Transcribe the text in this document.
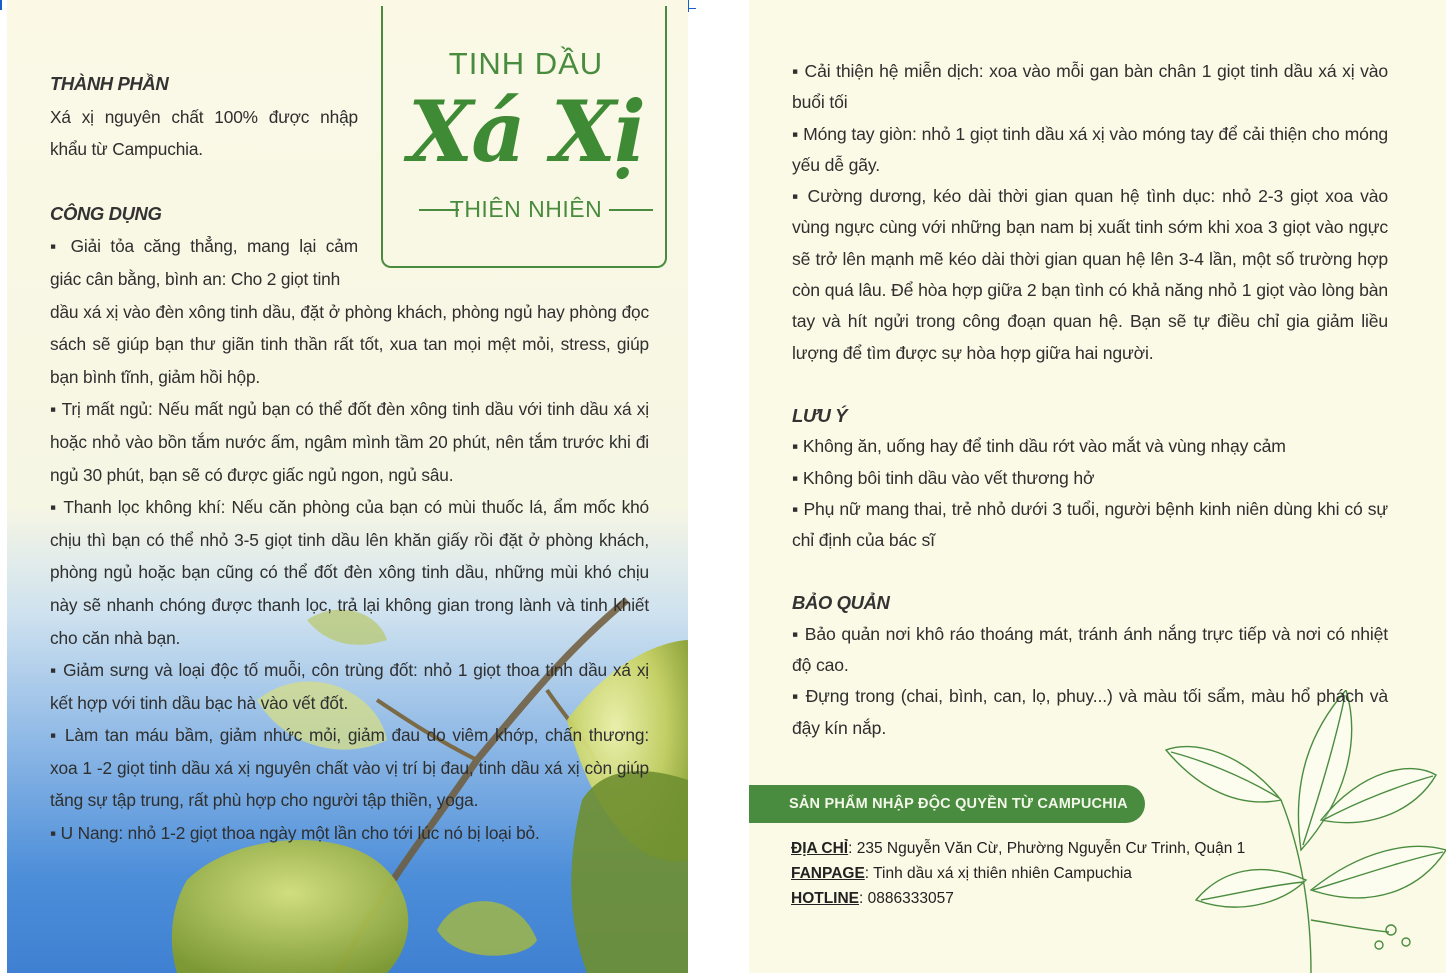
THÀNH PHẦN
Xá xị nguyên chất 100% được nhập
khẩu từ Campuchia.
CÔNG DỤNG
▪ Giải tỏa căng thẳng, mang lại cảm
giác cân bằng, bình an: Cho 2 giọt tinh
dầu xá xị vào đèn xông tinh dầu, đặt ở phòng khách, phòng ngủ hay phòng đọc sách sẽ giúp bạn thư giãn tinh thần rất tốt, xua tan mọi mệt mỏi, stress, giúp bạn bình tĩnh, giảm hồi hộp.
▪ Trị mất ngủ: Nếu mất ngủ bạn có thể đốt đèn xông tinh dầu với tinh dầu xá xị hoặc nhỏ vào bồn tắm nước ấm, ngâm mình tầm 20 phút, nên tắm trước khi đi ngủ 30 phút, bạn sẽ có được giấc ngủ ngon, ngủ sâu.
▪ Thanh lọc không khí: Nếu căn phòng của bạn có mùi thuốc lá, ẩm mốc khó chịu thì bạn có thể nhỏ 3-5 giọt tinh dầu lên khăn giấy rồi đặt ở phòng khách, phòng ngủ hoặc bạn cũng có thể đốt đèn xông tinh dầu, những mùi khó chịu này sẽ nhanh chóng được thanh lọc, trả lại không gian trong lành và tinh khiết cho căn nhà bạn.
▪ Giảm sưng và loại độc tố muỗi, côn trùng đốt: nhỏ 1 giọt thoa tinh dầu xá xị kết hợp với tinh dầu bạc hà vào vết đốt.
▪ Làm tan máu bầm, giảm nhức mỏi, giảm đau do viêm khớp, chấn thương: xoa 1 -2 giọt tinh dầu xá xị nguyên chất vào vị trí bị đau, tinh dầu xá xị còn giúp tăng sự tập trung, rất phù hợp cho người tập thiền, yoga.
▪ U Nang: nhỏ 1-2 giọt thoa ngày một lần cho tới lúc nó bị loại bỏ.
TINH DẦU
Xá Xị
THIÊN NHIÊN
▪ Cải thiện hệ miễn dịch: xoa vào mỗi gan bàn chân 1 giọt tinh dầu xá xị vào buổi tối
▪ Móng tay giòn: nhỏ 1 giọt tinh dầu xá xị vào móng tay để cải thiện cho móng yếu dễ gãy.
▪ Cường dương, kéo dài thời gian quan hệ tình dục: nhỏ 2-3 giọt xoa vào vùng ngực cùng với những bạn nam bị xuất tinh sớm khi xoa 3 giọt vào ngực sẽ trở lên mạnh mẽ kéo dài thời gian quan hệ lên 3-4 lần, một số trường hợp còn quá lâu. Để hòa hợp giữa 2 bạn tình có khả năng nhỏ 1 giọt vào lòng bàn tay và hít ngửi trong công đoạn quan hệ. Bạn sẽ tự điều chỉ gia giảm liều lượng để tìm được sự hòa hợp giữa hai người.
LƯU Ý
▪ Không ăn, uống hay để tinh dầu rớt vào mắt và vùng nhạy cảm
▪ Không bôi tinh dầu vào vết thương hở
▪ Phụ nữ mang thai, trẻ nhỏ dưới 3 tuổi, người bệnh kinh niên dùng khi có sự chỉ định của bác sĩ
BẢO QUẢN
▪ Bảo quản nơi khô ráo thoáng mát, tránh ánh nắng trực tiếp và nơi có nhiệt độ cao.
▪ Đựng trong (chai, bình, can, lọ, phuy...) và màu tối sẩm, màu hổ phách và đậy kín nắp.
SẢN PHẨM NHẬP ĐỘC QUYỀN TỪ CAMPUCHIA
ĐỊA CHỈ: 235 Nguyễn Văn Cừ, Phường Nguyễn Cư Trinh, Quận 1
FANPAGE: Tinh dầu xá xị thiên nhiên Campuchia
HOTLINE: 0886333057
